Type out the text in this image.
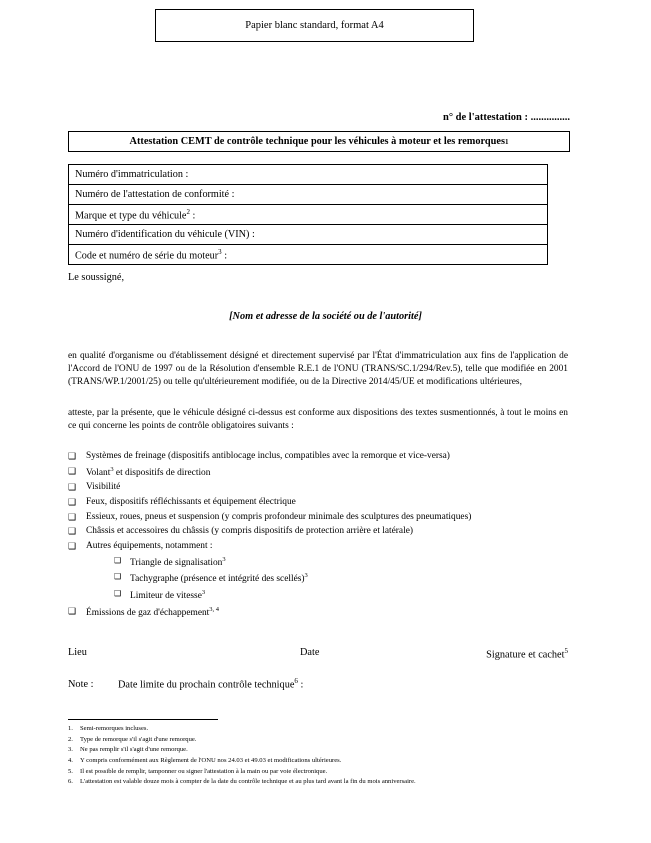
Papier blanc standard, format A4
n° de l'attestation : ...............
Attestation CEMT de contrôle technique pour les véhicules à moteur et les remorques 1
Numéro d'immatriculation :
Numéro de l'attestation de conformité :
Marque et type du véhicule$^2$ :
Numéro d'identification du véhicule (VIN) :
Code et numéro de série du moteur$^3$ :
Le soussigné,
[Nom et adresse de la société ou de l'autorité]
en qualité d'organisme ou d'établissement désigné et directement supervisé par l'État d'immatriculation aux fins de l'application de l'Accord de l'ONU de 1997 ou de la Résolution d'ensemble R.E.1 de l'ONU (TRANS/SC.1/294/Rev.5), telle que modifiée en 2001 (TRANS/WP.1/2001/25) ou telle qu'ultérieurement modifiée, ou de la Directive 2014/45/UE et modifications ultérieures,
atteste, par la présente, que le véhicule désigné ci-dessus est conforme aux dispositions des textes susmentionnés, à tout le moins en ce qui concerne les points de contrôle obligatoires suivants :
❑	Systèmes de freinage (dispositifs antiblocage inclus, compatibles avec la remorque et vice-versa)
❑	Volant$^3$ et dispositifs de direction
❑	Visibilité
❑	Feux, dispositifs réfléchissants et équipement électrique
❑	Essieux, roues, pneus et suspension (y compris profondeur minimale des sculptures des pneumatiques)
❑	Châssis et accessoires du châssis (y compris dispositifs de protection arrière et latérale)
❑	Autres équipements, notamment :
❑ Triangle de signalisation$^3$
❑ Tachygraphe (présence et intégrité des scellés)$^3$
❑ Limiteur de vitesse$^3$
❑	Émissions de gaz d'échappement$^{3, 4}$
Lieu	Date	Signature et cachet$^5$
Note : Date limite du prochain contrôle technique$^6$ :
1.	Semi-remorques incluses.
2.	Type de remorque s'il s'agit d'une remorque.
3.	Ne pas remplir s'il s'agit d'une remorque.
4.	Y compris conformément aux Règlement de l'ONU nos 24.03 et 49.03 et modifications ultérieures.
5.	Il est possible de remplir, tamponner ou signer l'attestation à la main ou par voie électronique.
6.	L'attestation est valable douze mois à compter de la date du contrôle technique et au plus tard avant la fin du mois anniversaire.
